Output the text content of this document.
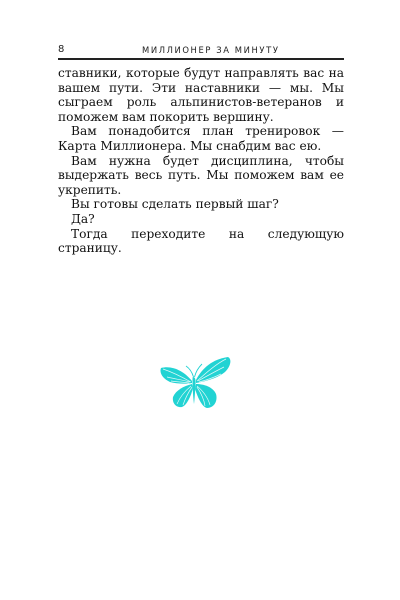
8	МИЛЛИОНЕР ЗА МИНУТУ

ставники, которые будут направлять вас на вашем пути. Эти наставники — мы. Мы сыграем роль альпинистов-ветеранов и поможем вам покорить вершину.

Вам понадобится план тренировок — Карта Миллионера. Мы снабдим вас ею.

Вам нужна будет дисциплина, чтобы выдержать весь путь. Мы поможем вам ее укрепить.

Вы готовы сделать первый шаг?

Да?

Тогда переходите на следующую страницу.
